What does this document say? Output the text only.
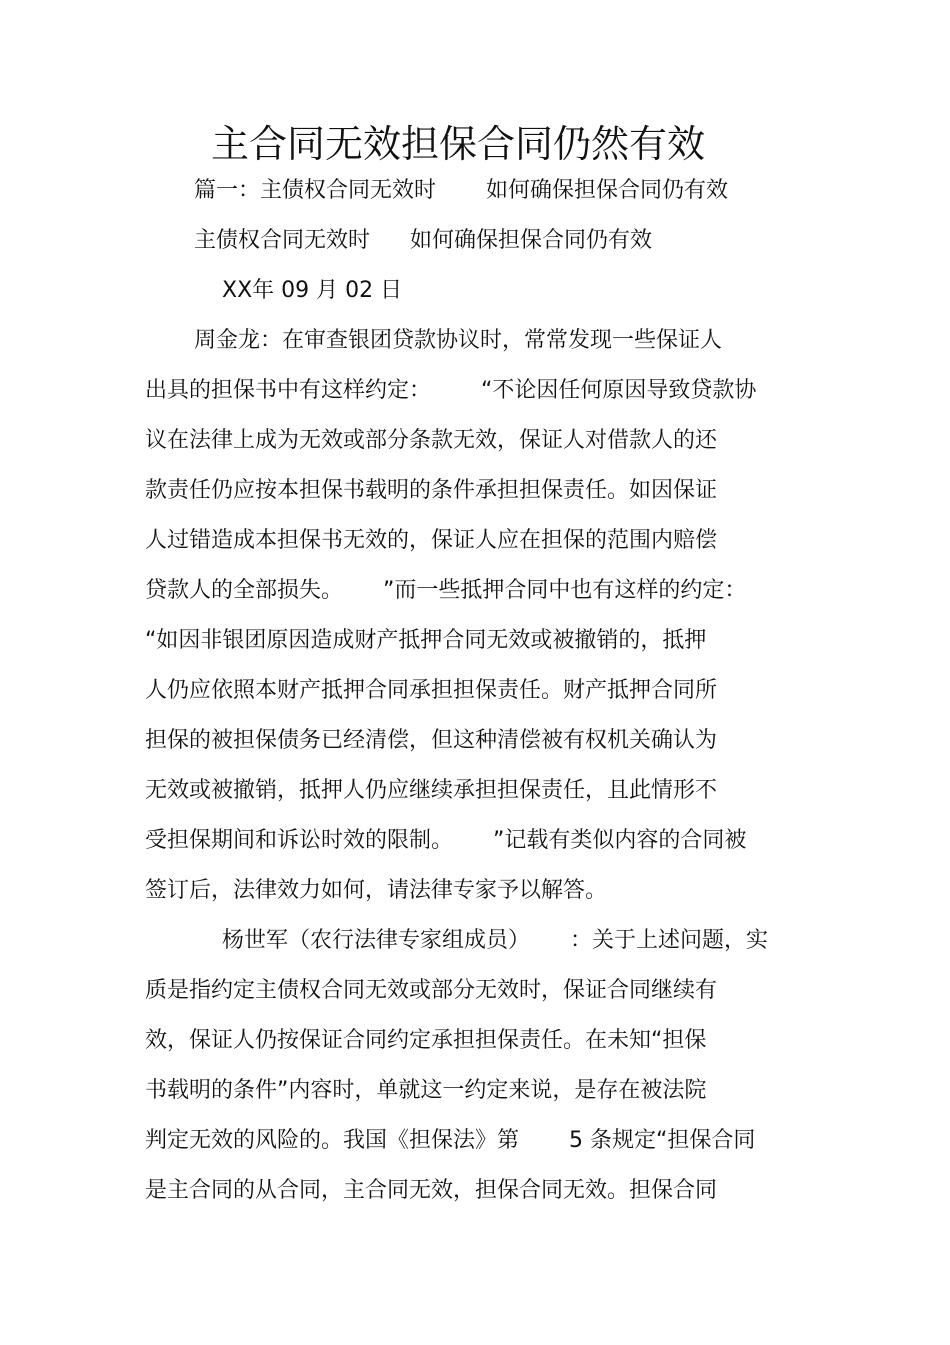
主合同无效担保合同仍然有效
篇一：主债权合同无效时 如何确保担保合同仍有效
主债权合同无效时 如何确保担保合同仍有效
XX年 09 月 02 日
周金龙：在审查银团贷款协议时，常常发现一些保证人
出具的担保书中有这样约定： “不论因任何原因导致贷款协
议在法律上成为无效或部分条款无效，保证人对借款人的还
款责任仍应按本担保书载明的条件承担担保责任。如因保证
人过错造成本担保书无效的，保证人应在担保的范围内赔偿
贷款人的全部损失。 ”而一些抵押合同中也有这样的约定：
“如因非银团原因造成财产抵押合同无效或被撤销的，抵押
人仍应依照本财产抵押合同承担担保责任。财产抵押合同所
担保的被担保债务已经清偿，但这种清偿被有权机关确认为
无效或被撤销，抵押人仍应继续承担担保责任，且此情形不
受担保期间和诉讼时效的限制。 ”记载有类似内容的合同被
签订后，法律效力如何，请法律专家予以解答。
杨世军（农行法律专家组成员） ：关于上述问题，实
质是指约定主债权合同无效或部分无效时，保证合同继续有
效，保证人仍按保证合同约定承担担保责任。在未知“担保
书载明的条件”内容时，单就这一约定来说，是存在被法院
判定无效的风险的。我国《担保法》第 5 条规定“担保合同
是主合同的从合同，主合同无效，担保合同无效。担保合同
